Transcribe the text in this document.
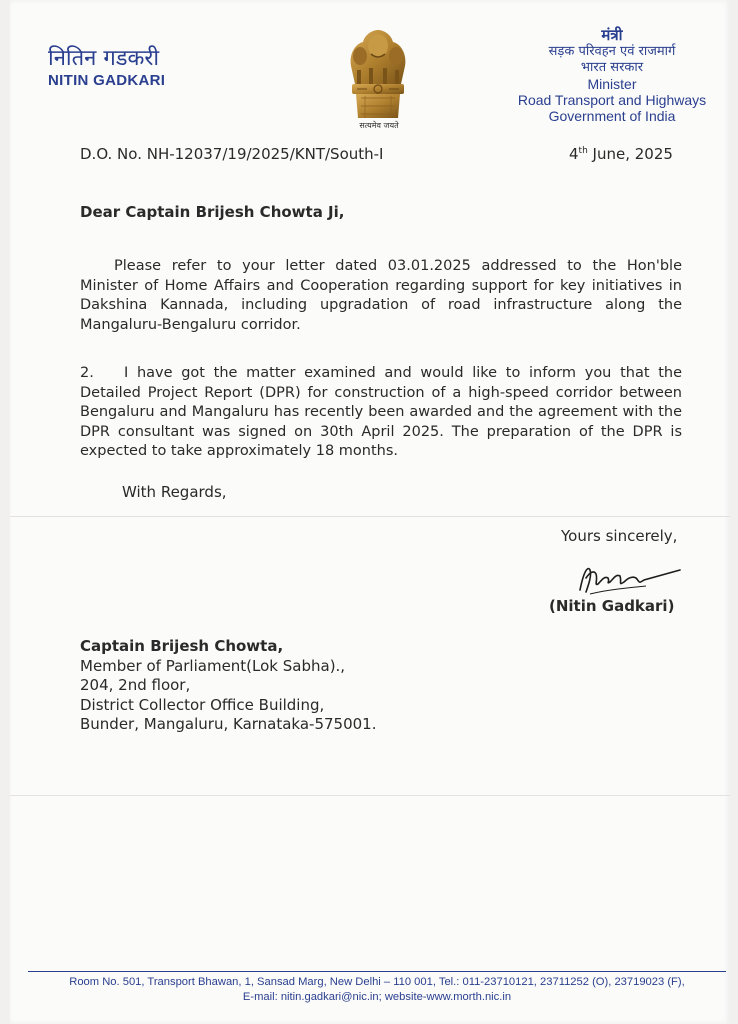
नितिन गडकरी
NITIN GADKARI
सत्यमेव जयते
मंत्री
सड़क परिवहन एवं राजमार्ग
भारत सरकार
Minister
Road Transport and Highways
Government of India
D.O. No. NH-12037/19/2025/KNT/South-I	4th June, 2025
Dear Captain Brijesh Chowta Ji,
Please refer to your letter dated 03.01.2025 addressed to the Hon'ble Minister of Home Affairs and Cooperation regarding support for key initiatives in Dakshina Kannada, including upgradation of road infrastructure along the Mangaluru-Bengaluru corridor.
2. I have got the matter examined and would like to inform you that the Detailed Project Report (DPR) for construction of a high-speed corridor between Bengaluru and Mangaluru has recently been awarded and the agreement with the DPR consultant was signed on 30th April 2025. The preparation of the DPR is expected to take approximately 18 months.
With Regards,
Yours sincerely,
(Nitin Gadkari)
Captain Brijesh Chowta,
Member of Parliament(Lok Sabha).,
204, 2nd floor,
District Collector Office Building,
Bunder, Mangaluru, Karnataka-575001.
Room No. 501, Transport Bhawan, 1, Sansad Marg, New Delhi – 110 001, Tel.: 011-23710121, 23711252 (O), 23719023 (F),
E-mail: nitin.gadkari@nic.in; website-www.morth.nic.in
